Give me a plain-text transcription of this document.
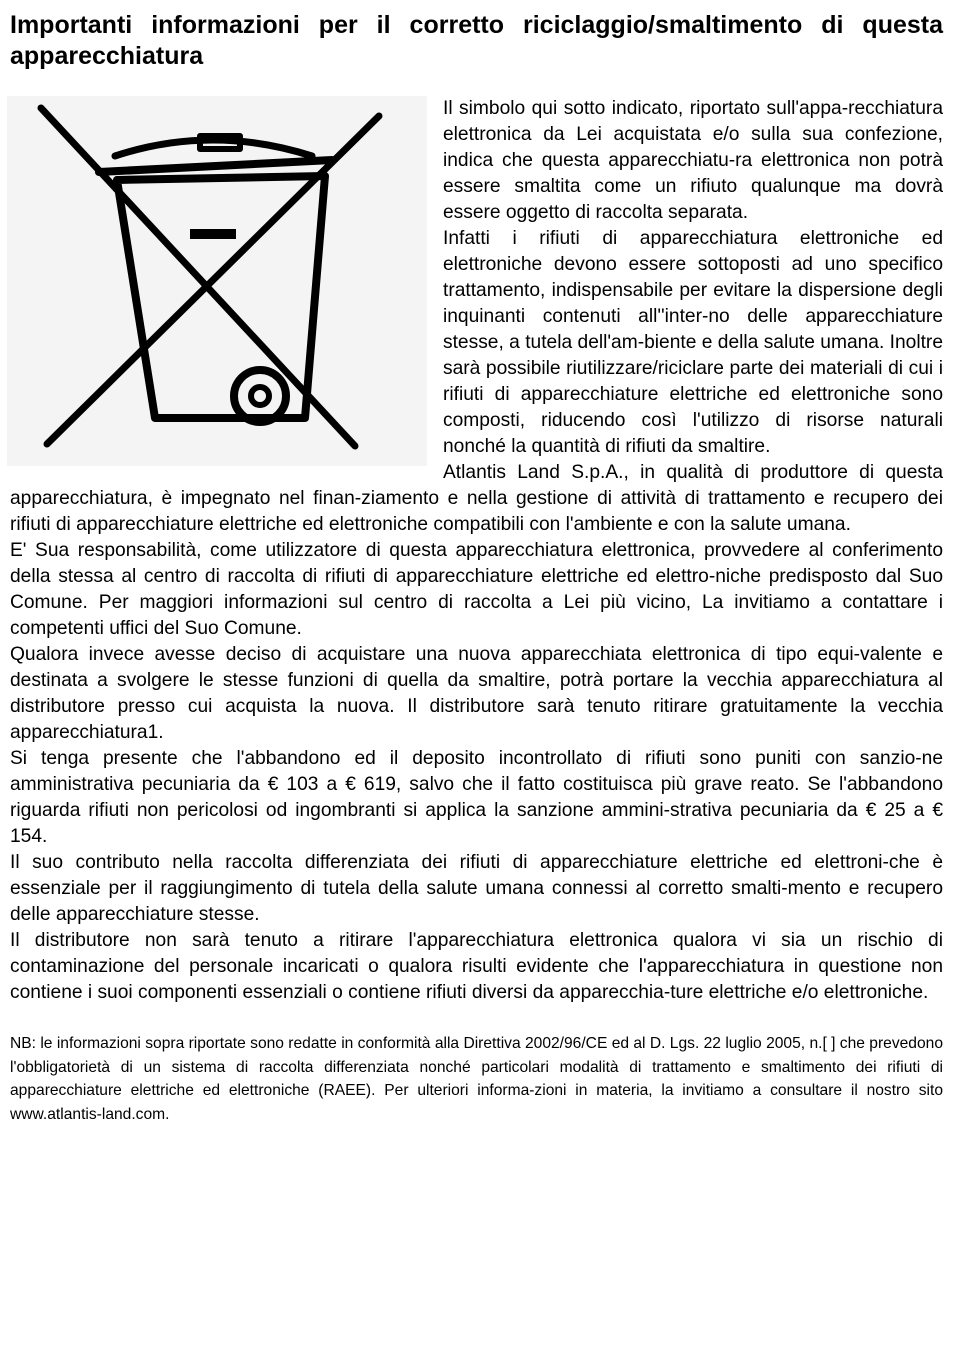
Importanti informazioni per il corretto riciclaggio/smaltimento di questa apparecchiatura

Il simbolo qui sotto indicato, riportato sull'appa-recchiatura elettronica da Lei acquistata e/o sulla sua confezione, indica che questa apparecchiatu-ra elettronica non potrà essere smaltita come un rifiuto qualunque ma dovrà essere oggetto di raccolta separata.

Infatti i rifiuti di apparecchiatura elettroniche ed elettroniche devono essere sottoposti ad uno specifico trattamento, indispensabile per evitare la dispersione degli inquinanti contenuti all''inter-no delle apparecchiature stesse, a tutela dell'am-biente e della salute umana. Inoltre sarà possibile riutilizzare/riciclare parte dei materiali di cui i rifiuti di apparecchiature elettriche ed elettroniche sono composti, riducendo così l'utilizzo di risorse naturali nonché la quantità di rifiuti da smaltire.

Atlantis Land S.p.A., in qualità di produttore di questa apparecchiatura, è impegnato nel finan-ziamento e nella gestione di attività di trattamento e recupero dei rifiuti di apparecchiature elettriche ed elettroniche compatibili con l'ambiente e con la salute umana.

E' Sua responsabilità, come utilizzatore di questa apparecchiatura elettronica, provvedere al conferimento della stessa al centro di raccolta di rifiuti di apparecchiature elettriche ed elettro-niche predisposto dal Suo Comune. Per maggiori informazioni sul centro di raccolta a Lei più vicino, La invitiamo a contattare i competenti uffici del Suo Comune.

Qualora invece avesse deciso di acquistare una nuova apparecchiata elettronica di tipo equi-valente e destinata a svolgere le stesse funzioni di quella da smaltire, potrà portare la vecchia apparecchiatura al distributore presso cui acquista la nuova. Il distributore sarà tenuto ritirare gratuitamente la vecchia apparecchiatura1.

Si tenga presente che l'abbandono ed il deposito incontrollato di rifiuti sono puniti con sanzio-ne amministrativa pecuniaria da € 103 a € 619, salvo che il fatto costituisca più grave reato. Se l'abbandono riguarda rifiuti non pericolosi od ingombranti si applica la sanzione ammini-strativa pecuniaria da € 25 a € 154.

Il suo contributo nella raccolta differenziata dei rifiuti di apparecchiature elettriche ed elettroni-che è essenziale per il raggiungimento di tutela della salute umana connessi al corretto smalti-mento e recupero delle apparecchiature stesse.

Il distributore non sarà tenuto a ritirare l'apparecchiatura elettronica qualora vi sia un rischio di contaminazione del personale incaricati o qualora risulti evidente che l'apparecchiatura in questione non contiene i suoi componenti essenziali o contiene rifiuti diversi da apparecchia-ture elettriche e/o elettroniche.

NB: le informazioni sopra riportate sono redatte in conformità alla Direttiva 2002/96/CE ed al D. Lgs. 22 luglio 2005, n.[ ] che prevedono l'obbligatorietà di un sistema di raccolta differenziata nonché particolari modalità di trattamento e smaltimento dei rifiuti di apparecchiature elettriche ed elettroniche (RAEE). Per ulteriori informa-zioni in materia, la invitiamo a consultare il nostro sito www.atlantis-land.com.
